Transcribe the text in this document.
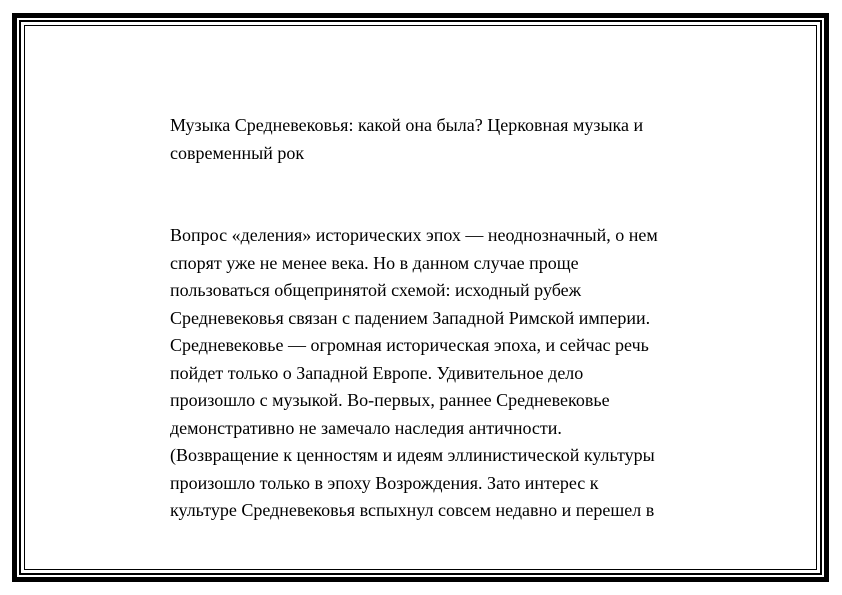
Музыка Средневековья: какой она была? Церковная музыка и
современный рок
Вопрос «деления» исторических эпох — неоднозначный, о нем
спорят уже не менее века. Но в данном случае проще
пользоваться общепринятой схемой: исходный рубеж
Средневековья связан с падением Западной Римской империи.
Средневековье — огромная историческая эпоха, и сейчас речь
пойдет только о Западной Европе. Удивительное дело
произошло с музыкой. Во-первых, раннее Средневековье
демонстративно не замечало наследия античности.
(Возвращение к ценностям и идеям эллинистической культуры
произошло только в эпоху Возрождения. Зато интерес к
культуре Средневековья вспыхнул совсем недавно и перешел в
